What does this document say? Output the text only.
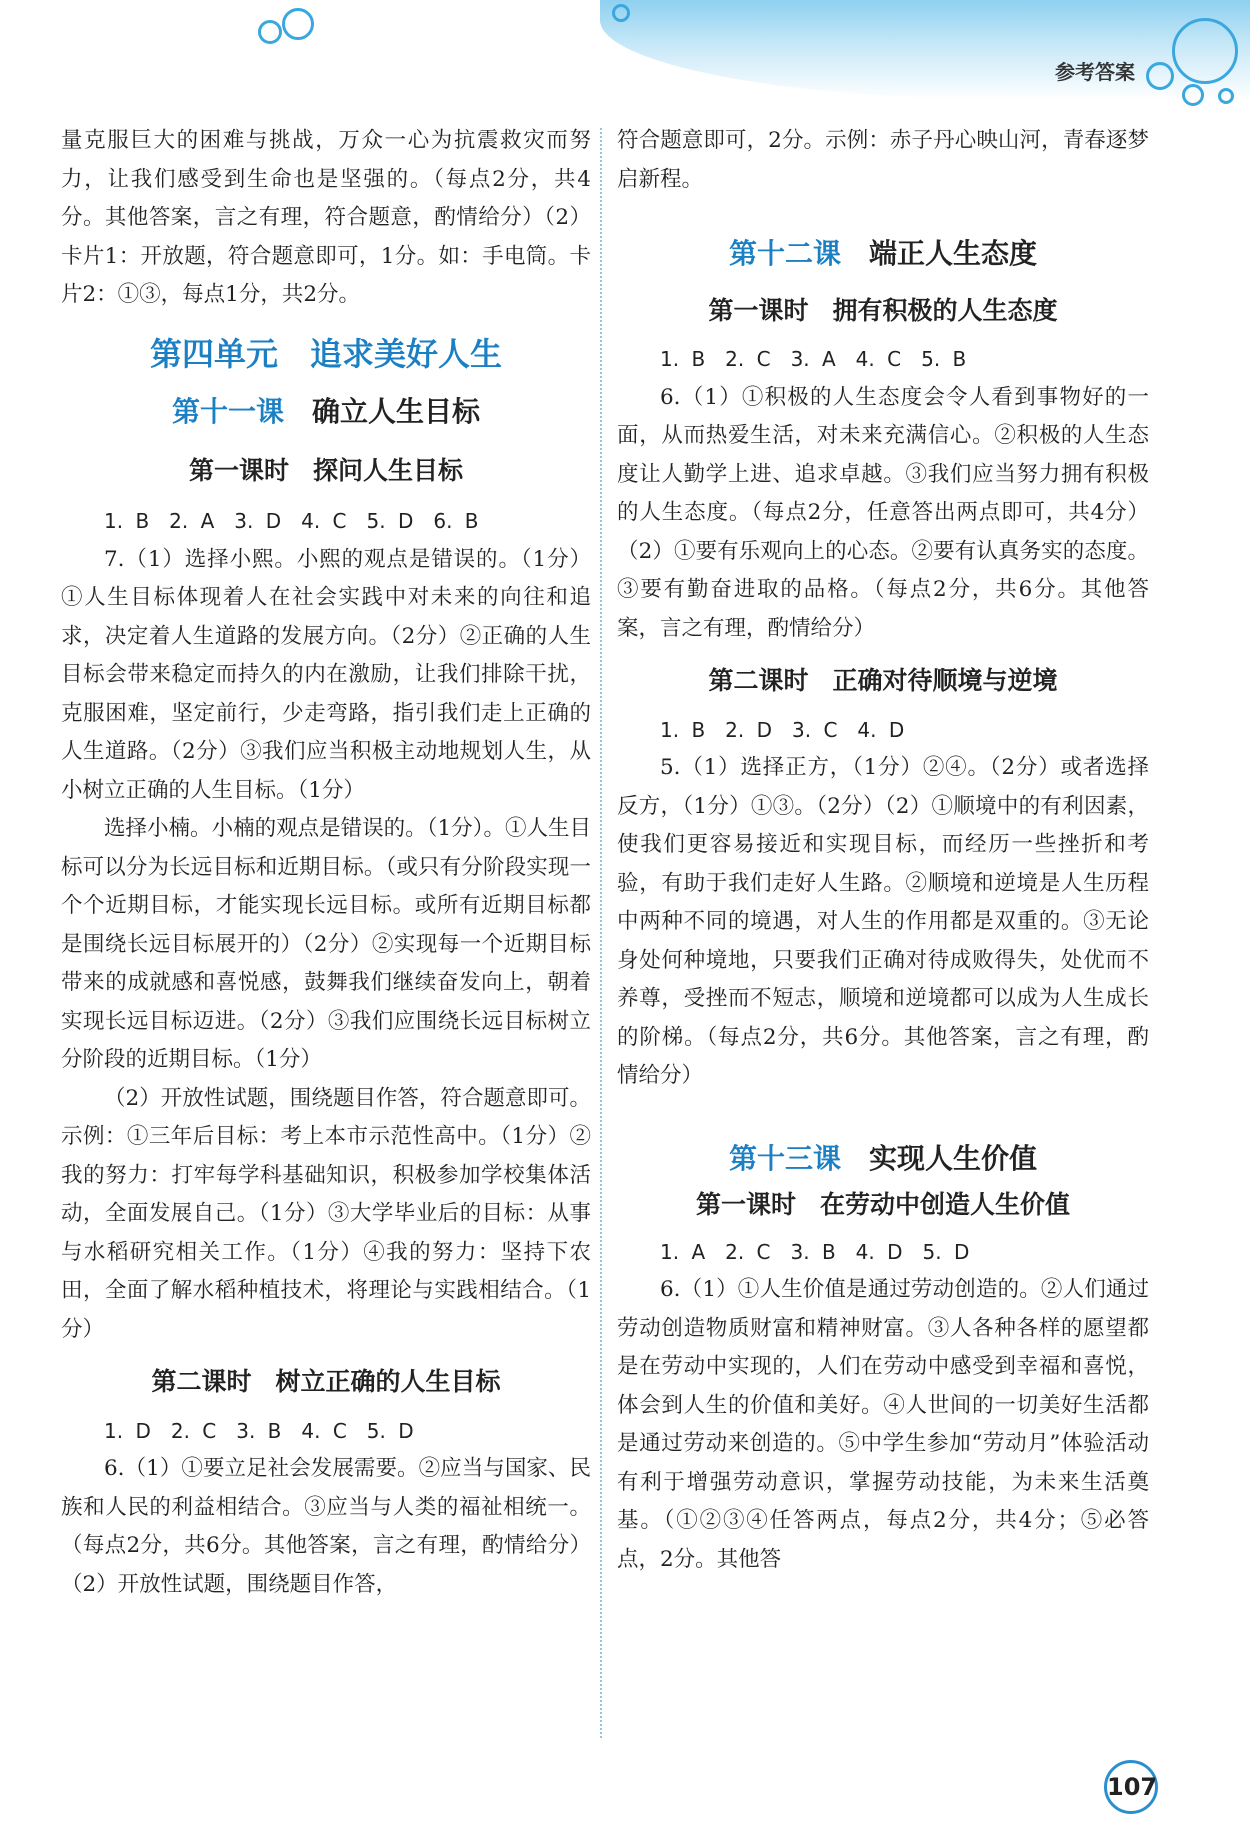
参考答案

量克服巨大的困难与挑战，万众一心为抗震救灾而努力，让我们感受到生命也是坚强的。（每点2分，共4分。其他答案，言之有理，符合题意，酌情给分）（2）卡片1：开放题，符合题意即可，1分。如：手电筒。卡片2：①③，每点1分，共2分。

第四单元　追求美好人生
第十一课 确立人生目标
第一课时 探问人生目标

1. B　2. A　3. D　4. C　5. D　6. B

7.（1）选择小熙。小熙的观点是错误的。（1分）①人生目标体现着人在社会实践中对未来的向往和追求，决定着人生道路的发展方向。（2分）②正确的人生目标会带来稳定而持久的内在激励，让我们排除干扰，克服困难，坚定前行，少走弯路，指引我们走上正确的人生道路。（2分）③我们应当积极主动地规划人生，从小树立正确的人生目标。（1分）

选择小楠。小楠的观点是错误的。（1分）。①人生目标可以分为长远目标和近期目标。（或只有分阶段实现一个个近期目标，才能实现长远目标。或所有近期目标都是围绕长远目标展开的）（2分）②实现每一个近期目标带来的成就感和喜悦感，鼓舞我们继续奋发向上，朝着实现长远目标迈进。（2分）③我们应围绕长远目标树立分阶段的近期目标。（1分）

（2）开放性试题，围绕题目作答，符合题意即可。示例：①三年后目标：考上本市示范性高中。（1分）②我的努力：打牢每学科基础知识，积极参加学校集体活动，全面发展自己。（1分）③大学毕业后的目标：从事与水稻研究相关工作。（1分）④我的努力：坚持下农田，全面了解水稻种植技术，将理论与实践相结合。（1分）

第二课时 树立正确的人生目标

1. D　2. C　3. B　4. C　5. D

6.（1）①要立足社会发展需要。②应当与国家、民族和人民的利益相结合。③应当与人类的福祉相统一。（每点2分，共6分。其他答案，言之有理，酌情给分）（2）开放性试题，围绕题目作答，

符合题意即可，2分。示例：赤子丹心映山河，青春逐梦启新程。

第十二课 端正人生态度
第一课时 拥有积极的人生态度

1. B　2. C　3. A　4. C　5. B

6.（1）①积极的人生态度会令人看到事物好的一面，从而热爱生活，对未来充满信心。②积极的人生态度让人勤学上进、追求卓越。③我们应当努力拥有积极的人生态度。（每点2分，任意答出两点即可，共4分）（2）①要有乐观向上的心态。②要有认真务实的态度。③要有勤奋进取的品格。（每点2分，共6分。其他答案，言之有理，酌情给分）

第二课时 正确对待顺境与逆境

1. B　2. D　3. C　4. D

5.（1）选择正方，（1分）②④。（2分）或者选择反方，（1分）①③。（2分）（2）①顺境中的有利因素，使我们更容易接近和实现目标，而经历一些挫折和考验，有助于我们走好人生路。②顺境和逆境是人生历程中两种不同的境遇，对人生的作用都是双重的。③无论身处何种境地，只要我们正确对待成败得失，处优而不养尊，受挫而不短志，顺境和逆境都可以成为人生成长的阶梯。（每点2分，共6分。其他答案，言之有理，酌情给分）

第十三课 实现人生价值
第一课时 在劳动中创造人生价值

1. A　2. C　3. B　4. D　5. D

6.（1）①人生价值是通过劳动创造的。②人们通过劳动创造物质财富和精神财富。③人各种各样的愿望都是在劳动中实现的，人们在劳动中感受到幸福和喜悦，体会到人生的价值和美好。④人世间的一切美好生活都是通过劳动来创造的。⑤中学生参加“劳动月”体验活动有利于增强劳动意识，掌握劳动技能，为未来生活奠基。（①②③④任答两点，每点2分，共4分；⑤必答点，2分。其他答

107
